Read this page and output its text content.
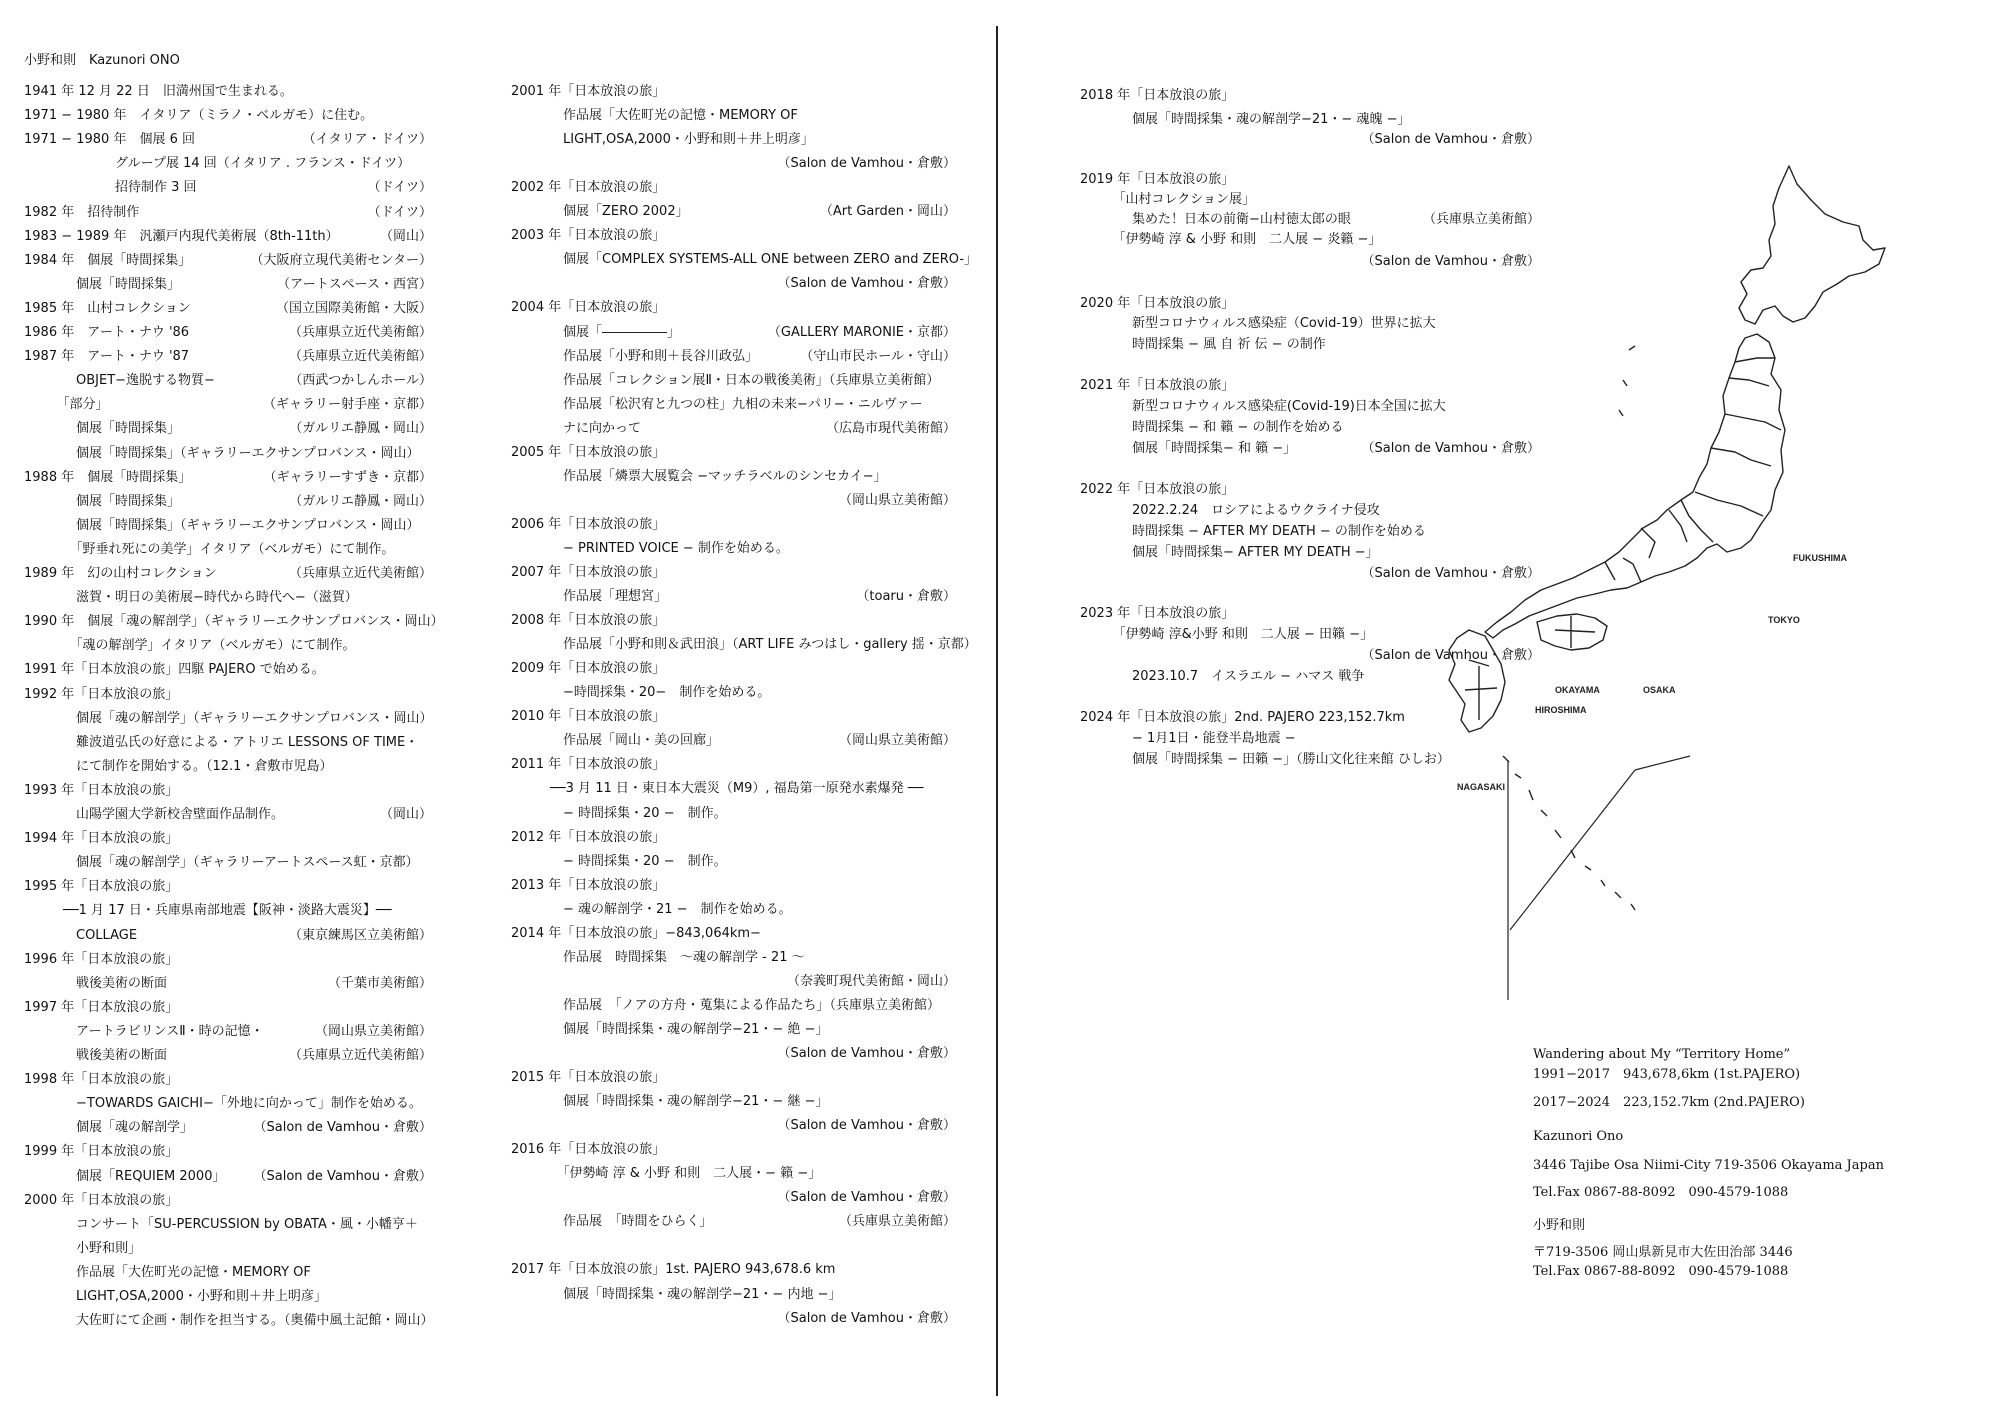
小野和則　Kazunori ONO
1941 年 12 月 22 日　旧満州国で生まれる。
1971 − 1980 年　イタリア（ミラノ・ベルガモ）に住む。
1971 − 1980 年　個展 6 回	（イタリア・ドイツ）
　　　　　　　グループ展 14 回（イタリア . フランス・ドイツ）
　　　　　　　招待制作 3 回	（ドイツ）
1982 年　招待制作	（ドイツ）
1983 − 1989 年　汎瀬戸内現代美術展（8th-11th）	（岡山）
1984 年　個展「時間採集」	（大阪府立現代美術センター）
　　　　個展「時間採集」	（アートスペース・西宮）
1985 年　山村コレクション	（国立国際美術館・大阪）
1986 年　アート・ナウ '86	（兵庫県立近代美術館）
1987 年　アート・ナウ '87	（兵庫県立近代美術館）
　　　　OBJET−逸脱する物質−	（西武つかしんホール）
　　　「部分」	（ギャラリー射手座・京都）
　　　　個展「時間採集」	（ガルリエ静鳳・岡山）
　　　　個展「時間採集」（ギャラリーエクサンプロバンス・岡山）
1988 年　個展「時間採集」	（ギャラリーすずき・京都）
　　　　個展「時間採集」	（ガルリエ静鳳・岡山）
　　　　個展「時間採集」（ギャラリーエクサンプロバンス・岡山）
　　　　「野垂れ死にの美学」イタリア（ベルガモ）にて制作。
1989 年　幻の山村コレクション	（兵庫県立近代美術館）
　　　　滋賀・明日の美術展−時代から時代へ−（滋賀）
1990 年　個展「魂の解剖学」（ギャラリーエクサンプロバンス・岡山）
　　　　「魂の解剖学」イタリア（ベルガモ）にて制作。
1991 年「日本放浪の旅」四駆 PAJERO で始める。
1992 年「日本放浪の旅」
　　　　個展「魂の解剖学」（ギャラリーエクサンプロバンス・岡山）
　　　　難波道弘氏の好意による・アトリエ LESSONS OF TIME・
　　　　にて制作を開始する。（12.1・倉敷市児島）
1993 年「日本放浪の旅」
　　　　山陽学園大学新校舎壁面作品制作。	（岡山）
1994 年「日本放浪の旅」
　　　　個展「魂の解剖学」（ギャラリーアートスペース虹・京都）
1995 年「日本放浪の旅」
　　　──1 月 17 日・兵庫県南部地震【阪神・淡路大震災】──
　　　　COLLAGE	（東京練馬区立美術館）
1996 年「日本放浪の旅」
　　　　戦後美術の断面	（千葉市美術館）
1997 年「日本放浪の旅」
　　　　アートラビリンスⅡ・時の記憶・	（岡山県立美術館）
　　　　戦後美術の断面	（兵庫県立近代美術館）
1998 年「日本放浪の旅」
　　　　−TOWARDS GAICHI−「外地に向かって」制作を始める。
　　　　個展「魂の解剖学」	（Salon de Vamhou・倉敷）
1999 年「日本放浪の旅」
　　　　個展「REQUIEM 2000」 （Salon de Vamhou・倉敷）
2000 年「日本放浪の旅」
　　　　コンサート「SU-PERCUSSION by OBATA・風・小幡亨＋
　　　　小野和則」
　　　　作品展「大佐町光の記憶・MEMORY OF
　　　　LIGHT,OSA,2000・小野和則＋井上明彦」
　　　　大佐町にて企画・制作を担当する。（奥備中風土記館・岡山）
2001 年「日本放浪の旅」
　　　　作品展「大佐町光の記憶・MEMORY OF
　　　　LIGHT,OSA,2000・小野和則＋井上明彦」
（Salon de Vamhou・倉敷）
2002 年「日本放浪の旅」
　　　　個展「ZERO 2002」	（Art Garden・岡山）
2003 年「日本放浪の旅」
　　　　個展「COMPLEX SYSTEMS-ALL ONE between ZERO and ZERO-」
（Salon de Vamhou・倉敷）
2004 年「日本放浪の旅」
　　　　個展「―――――」	（GALLERY MARONIE・京都）
　　　　作品展「小野和則＋長谷川政弘」	（守山市民ホール・守山）
　　　　作品展「コレクション展Ⅱ・日本の戦後美術」（兵庫県立美術館）
　　　　作品展「松沢宥と九つの柱」九相の未来−パリ−・ニルヴァー
　　　　ナに向かって	（広島市現代美術館）
2005 年「日本放浪の旅」
　　　　作品展「燐票大展覧会 −マッチラベルのシンセカイ−」
（岡山県立美術館）
2006 年「日本放浪の旅」
　　　　− PRINTED VOICE − 制作を始める。
2007 年「日本放浪の旅」
　　　　作品展「理想宮」	（toaru・倉敷）
2008 年「日本放浪の旅」
　　　　作品展「小野和則＆武田浪」（ART LIFE みつはし・gallery 揺・京都）
2009 年「日本放浪の旅」
　　　　−時間採集・20−　制作を始める。
2010 年「日本放浪の旅」
　　　　作品展「岡山・美の回廊」	（岡山県立美術館）
2011 年「日本放浪の旅」
　　　──3 月 11 日・東日本大震災（M9）, 福島第一原発水素爆発 ──
　　　　− 時間採集・20 −　制作。
2012 年「日本放浪の旅」
　　　　− 時間採集・20 −　制作。
2013 年「日本放浪の旅」
　　　　− 魂の解剖学・21 −　制作を始める。
2014 年「日本放浪の旅」−843,064km−
　　　　作品展　時間採集　〜魂の解剖学 - 21 〜
（奈義町現代美術館・岡山）
　　　　作品展　「ノアの方舟・蒐集による作品たち」（兵庫県立美術館）
　　　　個展「時間採集・魂の解剖学−21・− 絶 −」
（Salon de Vamhou・倉敷）
2015 年「日本放浪の旅」
　　　　個展「時間採集・魂の解剖学−21・− 継 −」
（Salon de Vamhou・倉敷）
2016 年「日本放浪の旅」
　　　　「伊勢崎 淳 & 小野 和則　二人展・− 籟 −」
（Salon de Vamhou・倉敷）
　　　　作品展　「時間をひらく」	（兵庫県立美術館）
2017 年「日本放浪の旅」1st. PAJERO 943,678.6 km
　　　　個展「時間採集・魂の解剖学−21・− 内地 −」
（Salon de Vamhou・倉敷）
2018 年「日本放浪の旅」
　　　　個展「時間採集・魂の解剖学−21・− 魂魄 −」
（Salon de Vamhou・倉敷）
2019 年「日本放浪の旅」
　　　「山村コレクション展」
　　　　集めた！日本の前衛−山村徳太郎の眼	（兵庫県立美術館）
　　　「伊勢崎 淳 & 小野 和則　二人展 − 炎籟 −」
（Salon de Vamhou・倉敷）
2020 年「日本放浪の旅」
　　　　新型コロナウィルス感染症（Covid-19）世界に拡大
　　　　時間採集 − 風 自 祈 伝 − の制作
2021 年「日本放浪の旅」
　　　　新型コロナウィルス感染症(Covid-19)日本全国に拡大
　　　　時間採集 − 和 籟 − の制作を始める
　　　　個展「時間採集− 和 籟 −」	（Salon de Vamhou・倉敷）
2022 年「日本放浪の旅」
　　　　2022.2.24　ロシアによるウクライナ侵攻
　　　　時間採集 − AFTER MY DEATH − の制作を始める
　　　　個展「時間採集− AFTER MY DEATH −」
（Salon de Vamhou・倉敷）
2023 年「日本放浪の旅」
　　　「伊勢崎 淳&小野 和則　二人展 − 田籟 −」
（Salon de Vamhou・倉敷）
　　　　2023.10.7　イスラエル − ハマス 戦争
2024 年「日本放浪の旅」2nd. PAJERO 223,152.7km
　　　　− 1月1日・能登半島地震 −
　　　　個展「時間採集 − 田籟 −」（勝山文化往来館 ひしお）
FUKUSHIMA
TOKYO
OKAYAMA	OSAKA
HIROSHIMA
NAGASAKI
Wandering about My “Territory Home”
1991−2017　943,678,6km (1st.PAJERO)
2017−2024　223,152.7km (2nd.PAJERO)
Kazunori Ono
3446 Tajibe Osa Niimi-City 719-3506 Okayama Japan
Tel.Fax 0867-88-8092　090-4579-1088
小野和則
〒719-3506 岡山県新見市大佐田治部 3446
Tel.Fax 0867-88-8092　090-4579-1088
